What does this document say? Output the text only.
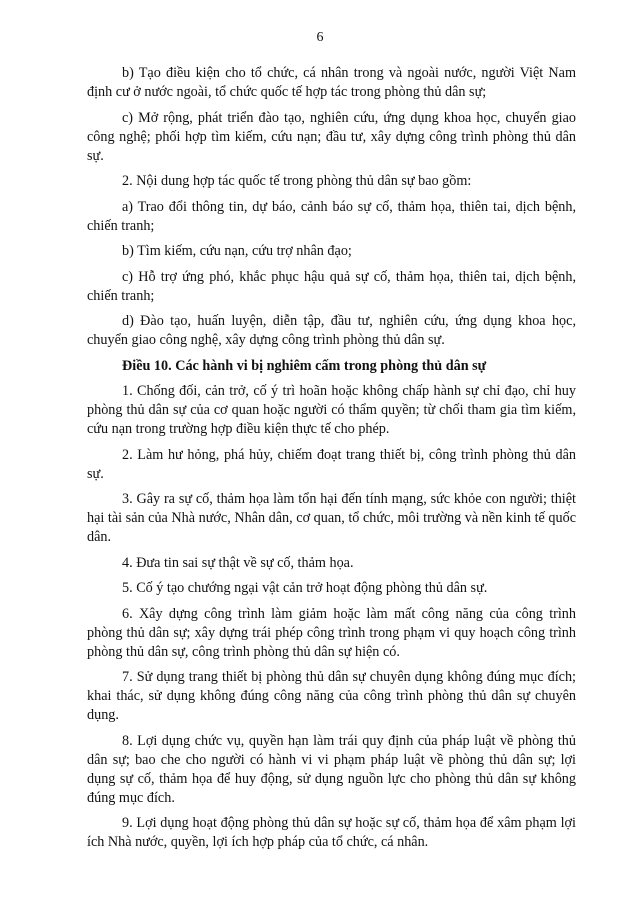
6

b) Tạo điều kiện cho tổ chức, cá nhân trong và ngoài nước, người Việt Nam định cư ở nước ngoài, tổ chức quốc tế hợp tác trong phòng thủ dân sự;

c) Mở rộng, phát triển đào tạo, nghiên cứu, ứng dụng khoa học, chuyển giao công nghệ; phối hợp tìm kiếm, cứu nạn; đầu tư, xây dựng công trình phòng thủ dân sự.

2. Nội dung hợp tác quốc tế trong phòng thủ dân sự bao gồm:

a) Trao đổi thông tin, dự báo, cảnh báo sự cố, thảm họa, thiên tai, dịch bệnh, chiến tranh;

b) Tìm kiếm, cứu nạn, cứu trợ nhân đạo;

c) Hỗ trợ ứng phó, khắc phục hậu quả sự cố, thảm họa, thiên tai, dịch bệnh, chiến tranh;

d) Đào tạo, huấn luyện, diễn tập, đầu tư, nghiên cứu, ứng dụng khoa học, chuyển giao công nghệ, xây dựng công trình phòng thủ dân sự.

Điều 10. Các hành vi bị nghiêm cấm trong phòng thủ dân sự

1. Chống đối, cản trở, cố ý trì hoãn hoặc không chấp hành sự chỉ đạo, chỉ huy phòng thủ dân sự của cơ quan hoặc người có thẩm quyền; từ chối tham gia tìm kiếm, cứu nạn trong trường hợp điều kiện thực tế cho phép.

2. Làm hư hỏng, phá hủy, chiếm đoạt trang thiết bị, công trình phòng thủ dân sự.

3. Gây ra sự cố, thảm họa làm tổn hại đến tính mạng, sức khỏe con người; thiệt hại tài sản của Nhà nước, Nhân dân, cơ quan, tổ chức, môi trường và nền kinh tế quốc dân.

4. Đưa tin sai sự thật về sự cố, thảm họa.

5. Cố ý tạo chướng ngại vật cản trở hoạt động phòng thủ dân sự.

6. Xây dựng công trình làm giảm hoặc làm mất công năng của công trình phòng thủ dân sự; xây dựng trái phép công trình trong phạm vi quy hoạch công trình phòng thủ dân sự, công trình phòng thủ dân sự hiện có.

7. Sử dụng trang thiết bị phòng thủ dân sự chuyên dụng không đúng mục đích; khai thác, sử dụng không đúng công năng của công trình phòng thủ dân sự chuyên dụng.

8. Lợi dụng chức vụ, quyền hạn làm trái quy định của pháp luật về phòng thủ dân sự; bao che cho người có hành vi vi phạm pháp luật về phòng thủ dân sự; lợi dụng sự cố, thảm họa để huy động, sử dụng nguồn lực cho phòng thủ dân sự không đúng mục đích.

9. Lợi dụng hoạt động phòng thủ dân sự hoặc sự cố, thảm họa để xâm phạm lợi ích Nhà nước, quyền, lợi ích hợp pháp của tổ chức, cá nhân.
